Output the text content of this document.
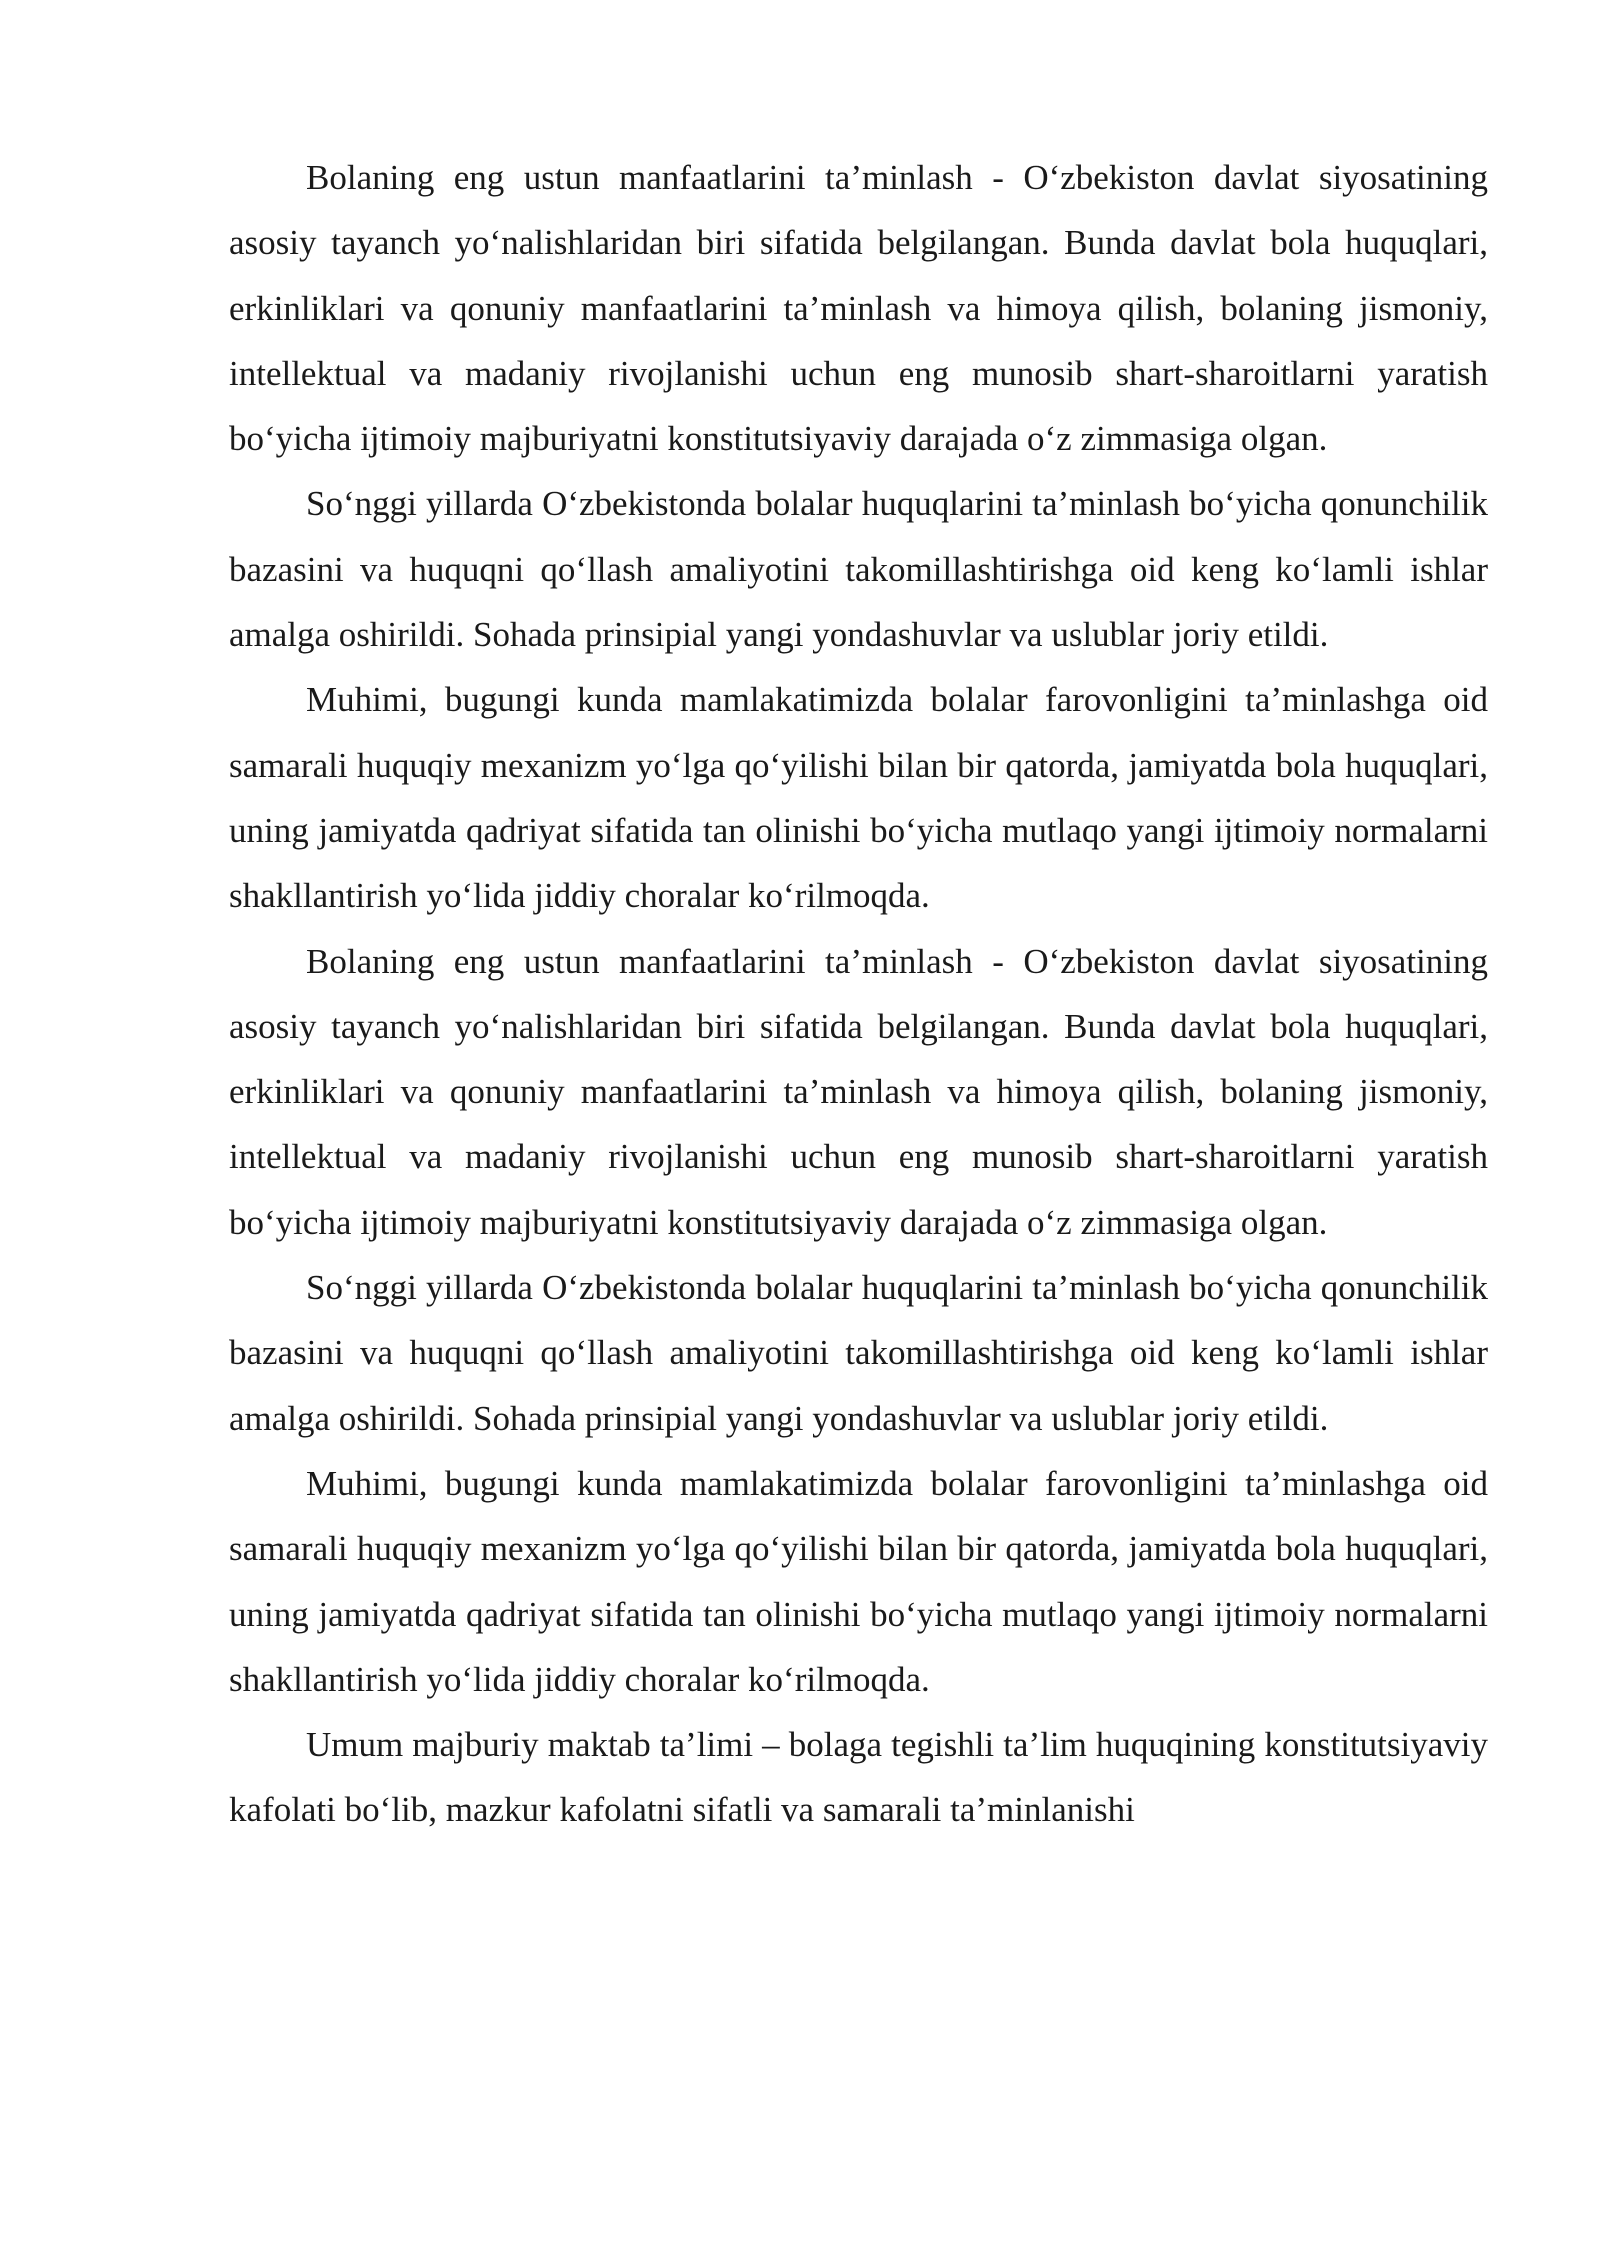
Bolaning eng ustun manfaatlarini ta’minlash - O‘zbekiston davlat siyosatining asosiy tayanch yo‘nalishlaridan biri sifatida belgilangan. Bunda davlat bola huquqlari, erkinliklari va qonuniy manfaatlarini ta’minlash va himoya qilish, bolaning jismoniy, intellektual va madaniy rivojlanishi uchun eng munosib shart-sharoitlarni yaratish bo‘yicha ijtimoiy majburiyatni konstitutsiyaviy darajada o‘z zimmasiga olgan.

So‘nggi yillarda O‘zbekistonda bolalar huquqlarini ta’minlash bo‘yicha qonunchilik bazasini va huquqni qo‘llash amaliyotini takomillashtirishga oid keng ko‘lamli ishlar amalga oshirildi. Sohada prinsipial yangi yondashuvlar va uslublar joriy etildi.

Muhimi, bugungi kunda mamlakatimizda bolalar farovonligini ta’minlashga oid samarali huquqiy mexanizm yo‘lga qo‘yilishi bilan bir qatorda, jamiyatda bola huquqlari, uning jamiyatda qadriyat sifatida tan olinishi bo‘yicha mutlaqo yangi ijtimoiy normalarni shakllantirish yo‘lida jiddiy choralar ko‘rilmoqda.

Bolaning eng ustun manfaatlarini ta’minlash - O‘zbekiston davlat siyosatining asosiy tayanch yo‘nalishlaridan biri sifatida belgilangan. Bunda davlat bola huquqlari, erkinliklari va qonuniy manfaatlarini ta’minlash va himoya qilish, bolaning jismoniy, intellektual va madaniy rivojlanishi uchun eng munosib shart-sharoitlarni yaratish bo‘yicha ijtimoiy majburiyatni konstitutsiyaviy darajada o‘z zimmasiga olgan.

So‘nggi yillarda O‘zbekistonda bolalar huquqlarini ta’minlash bo‘yicha qonunchilik bazasini va huquqni qo‘llash amaliyotini takomillashtirishga oid keng ko‘lamli ishlar amalga oshirildi. Sohada prinsipial yangi yondashuvlar va uslublar joriy etildi.

Muhimi, bugungi kunda mamlakatimizda bolalar farovonligini ta’minlashga oid samarali huquqiy mexanizm yo‘lga qo‘yilishi bilan bir qatorda, jamiyatda bola huquqlari, uning jamiyatda qadriyat sifatida tan olinishi bo‘yicha mutlaqo yangi ijtimoiy normalarni shakllantirish yo‘lida jiddiy choralar ko‘rilmoqda.

Umum majburiy maktab ta’limi – bolaga tegishli ta’lim huquqining konstitutsiyaviy kafolati bo‘lib, mazkur kafolatni sifatli va samarali ta’minlanishi
